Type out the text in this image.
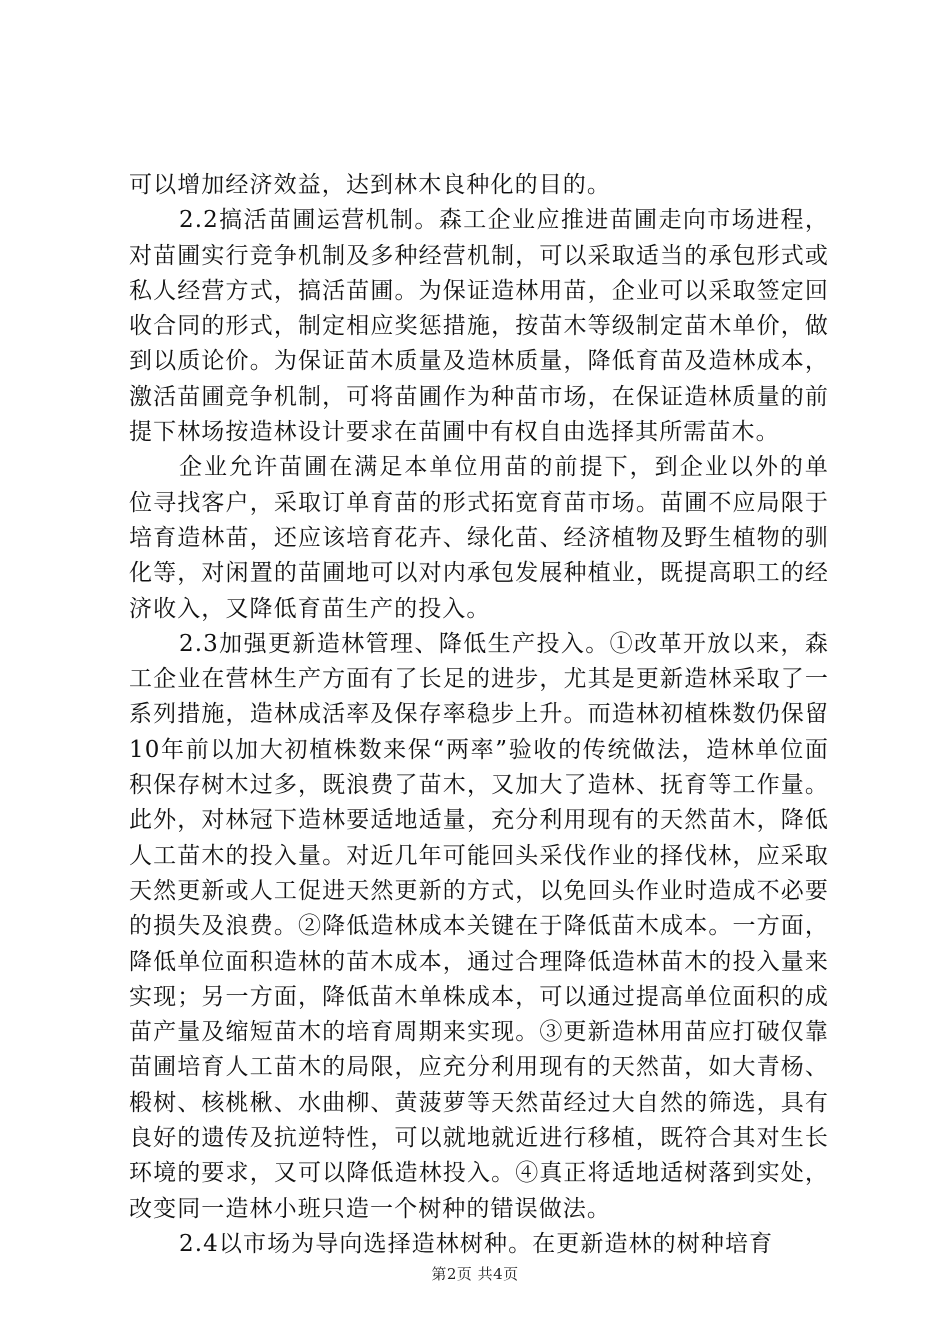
可以增加经济效益，达到林木良种化的目的。

2.2搞活苗圃运营机制。森工企业应推进苗圃走向市场进程，对苗圃实行竞争机制及多种经营机制，可以采取适当的承包形式或私人经营方式，搞活苗圃。为保证造林用苗，企业可以采取签定回收合同的形式，制定相应奖惩措施，按苗木等级制定苗木单价，做到以质论价。为保证苗木质量及造林质量，降低育苗及造林成本，激活苗圃竞争机制，可将苗圃作为种苗市场，在保证造林质量的前提下林场按造林设计要求在苗圃中有权自由选择其所需苗木。

企业允许苗圃在满足本单位用苗的前提下，到企业以外的单位寻找客户，采取订单育苗的形式拓宽育苗市场。苗圃不应局限于培育造林苗，还应该培育花卉、绿化苗、经济植物及野生植物的驯化等，对闲置的苗圃地可以对内承包发展种植业，既提高职工的经济收入，又降低育苗生产的投入。

2.3加强更新造林管理、降低生产投入。①改革开放以来，森工企业在营林生产方面有了长足的进步，尤其是更新造林采取了一系列措施，造林成活率及保存率稳步上升。而造林初植株数仍保留10年前以加大初植株数来保“两率”验收的传统做法，造林单位面积保存树木过多，既浪费了苗木，又加大了造林、抚育等工作量。此外，对林冠下造林要适地适量，充分利用现有的天然苗木，降低人工苗木的投入量。对近几年可能回头采伐作业的择伐林，应采取天然更新或人工促进天然更新的方式，以免回头作业时造成不必要的损失及浪费。②降低造林成本关键在于降低苗木成本。一方面，降低单位面积造林的苗木成本，通过合理降低造林苗木的投入量来实现；另一方面，降低苗木单株成本，可以通过提高单位面积的成苗产量及缩短苗木的培育周期来实现。③更新造林用苗应打破仅靠苗圃培育人工苗木的局限，应充分利用现有的天然苗，如大青杨、椴树、核桃楸、水曲柳、黄菠萝等天然苗经过大自然的筛选，具有良好的遗传及抗逆特性，可以就地就近进行移植，既符合其对生长环境的要求，又可以降低造林投入。④真正将适地适树落到实处，改变同一造林小班只造一个树种的错误做法。

2.4以市场为导向选择造林树种。在更新造林的树种培育

第2页 共4页
